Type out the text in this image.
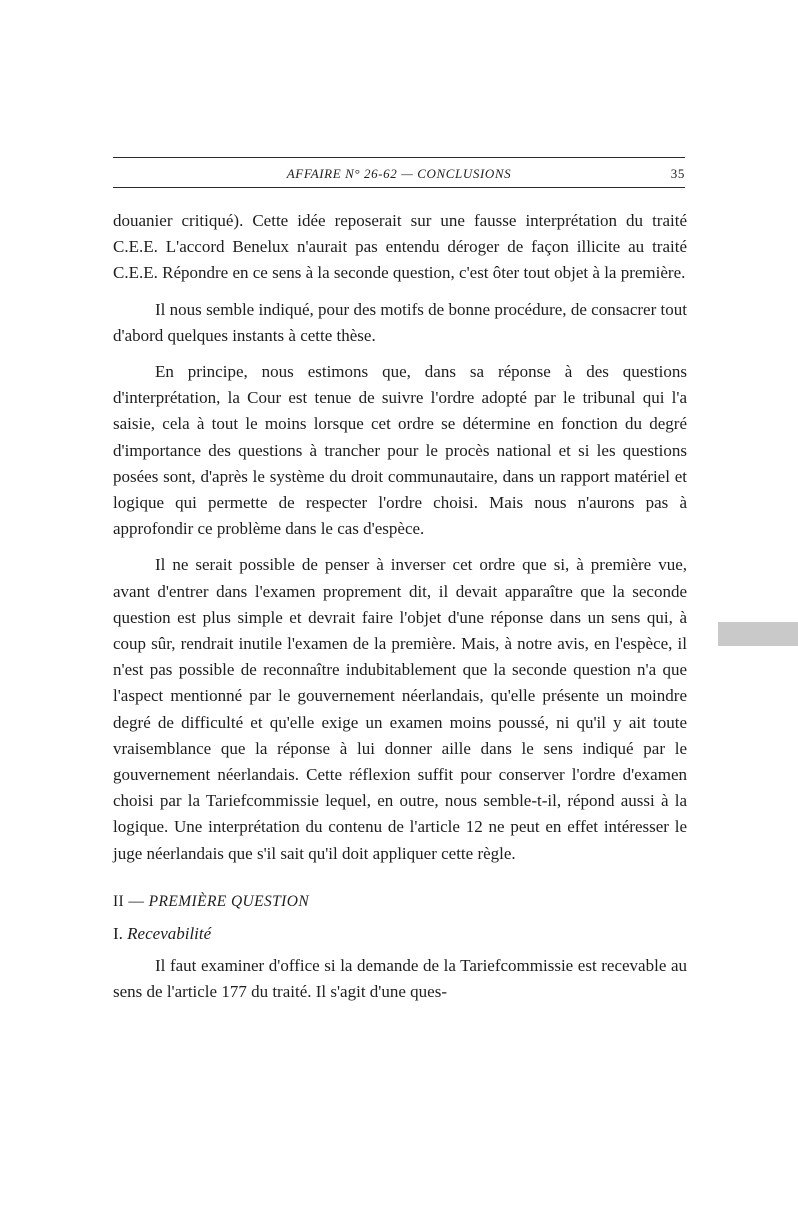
AFFAIRE N° 26-62 — CONCLUSIONS	35

douanier critiqué). Cette idée reposerait sur une fausse interprétation du traité C.E.E. L'accord Benelux n'aurait pas entendu déroger de façon illicite au traité C.E.E. Répondre en ce sens à la seconde question, c'est ôter tout objet à la première.

Il nous semble indiqué, pour des motifs de bonne procédure, de consacrer tout d'abord quelques instants à cette thèse.

En principe, nous estimons que, dans sa réponse à des questions d'interprétation, la Cour est tenue de suivre l'ordre adopté par le tribunal qui l'a saisie, cela à tout le moins lorsque cet ordre se détermine en fonction du degré d'importance des questions à trancher pour le procès national et si les questions posées sont, d'après le système du droit communautaire, dans un rapport matériel et logique qui permette de respecter l'ordre choisi. Mais nous n'aurons pas à approfondir ce problème dans le cas d'espèce.

Il ne serait possible de penser à inverser cet ordre que si, à première vue, avant d'entrer dans l'examen proprement dit, il devait apparaître que la seconde question est plus simple et devrait faire l'objet d'une réponse dans un sens qui, à coup sûr, rendrait inutile l'examen de la première. Mais, à notre avis, en l'espèce, il n'est pas possible de reconnaître indubitablement que la seconde question n'a que l'aspect mentionné par le gouvernement néerlandais, qu'elle présente un moindre degré de difficulté et qu'elle exige un examen moins poussé, ni qu'il y ait toute vraisemblance que la réponse à lui donner aille dans le sens indiqué par le gouvernement néerlandais. Cette réflexion suffit pour conserver l'ordre d'examen choisi par la Tariefcommissie lequel, en outre, nous semble-t-il, répond aussi à la logique. Une interprétation du contenu de l'article 12 ne peut en effet intéresser le juge néerlandais que s'il sait qu'il doit appliquer cette règle.

II — PREMIÈRE QUESTION

I. Recevabilité

Il faut examiner d'office si la demande de la Tariefcommissie est recevable au sens de l'article 177 du traité. Il s'agit d'une ques-
